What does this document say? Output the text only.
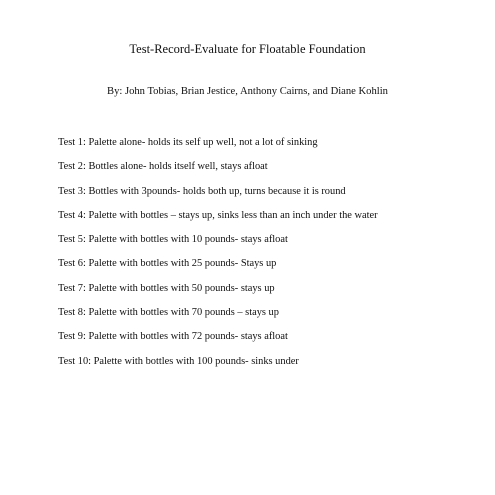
Test-Record-Evaluate for Floatable Foundation
By: John Tobias, Brian Jestice, Anthony Cairns, and Diane Kohlin
Test 1: Palette alone- holds its self up well, not a lot of sinking
Test 2: Bottles alone- holds itself well, stays afloat
Test 3: Bottles with 3pounds- holds both up, turns because it is round
Test 4: Palette with bottles – stays up, sinks less than an inch under the water
Test 5: Palette with bottles with 10 pounds- stays afloat
Test 6: Palette with bottles with 25 pounds- Stays up
Test 7: Palette with bottles with 50 pounds- stays up
Test 8: Palette with bottles with 70 pounds – stays up
Test 9: Palette with bottles with 72 pounds- stays afloat
Test 10: Palette with bottles with 100 pounds- sinks under
